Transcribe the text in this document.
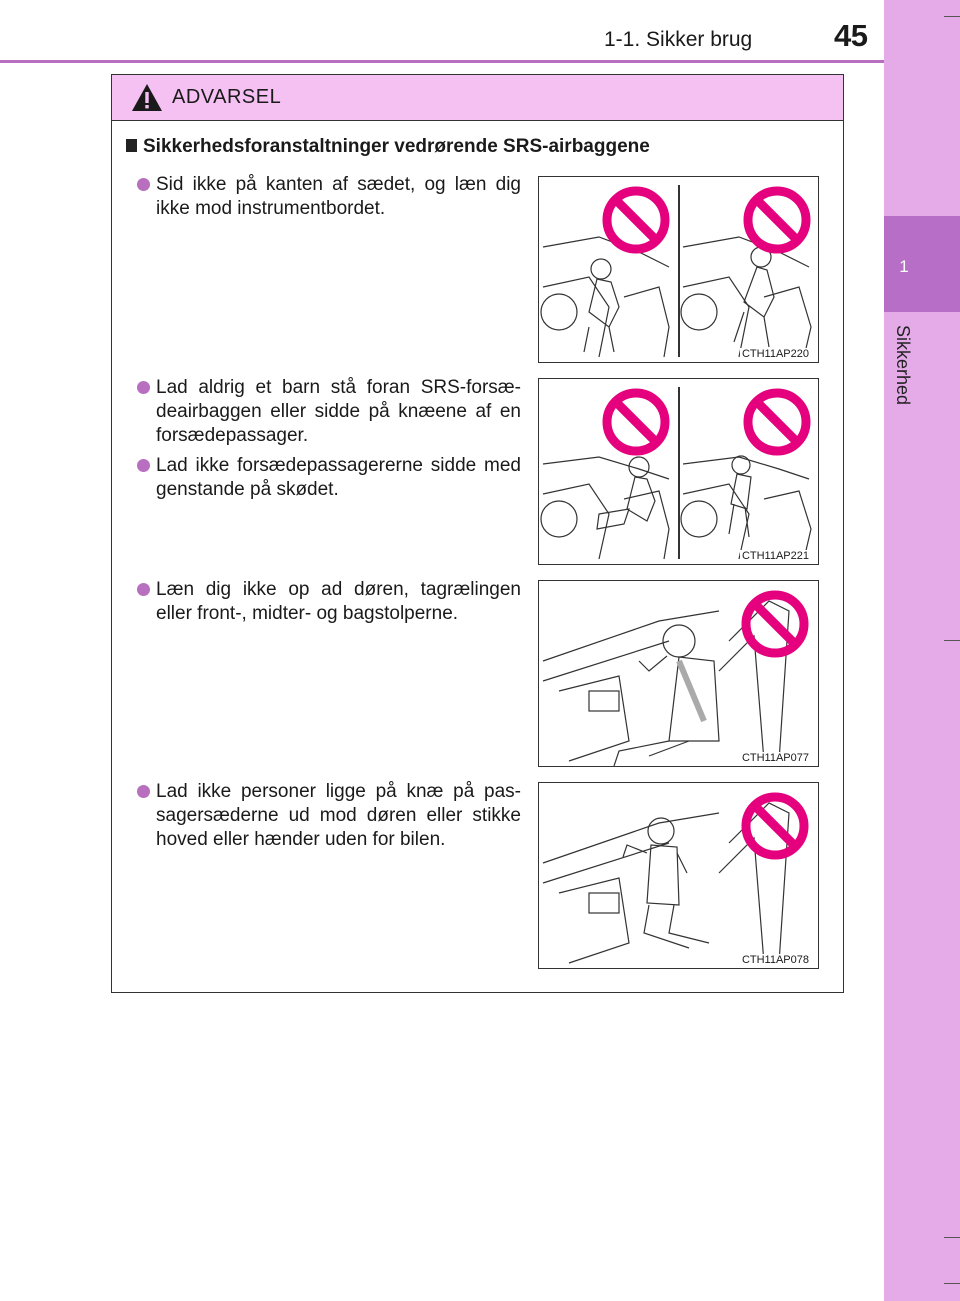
1-1. Sikker brug	45
1
Sikkerhed
ADVARSEL
Sikkerhedsforanstaltninger vedrørende SRS-airbaggene
Sid ikke på kanten af sædet, og læn dig ikke mod instrumentbordet.
Lad aldrig et barn stå foran SRS-forsæ-deairbaggen eller sidde på knæene af en forsædepassager.
Lad ikke forsædepassagererne sidde med genstande på skødet.
Læn dig ikke op ad døren, tagrælingen eller front-, midter- og bagstolperne.
Lad ikke personer ligge på knæ på pas-sagersæderne ud mod døren eller stikke hoved eller hænder uden for bilen.
CTH11AP220
CTH11AP221
CTH11AP077
CTH11AP078
